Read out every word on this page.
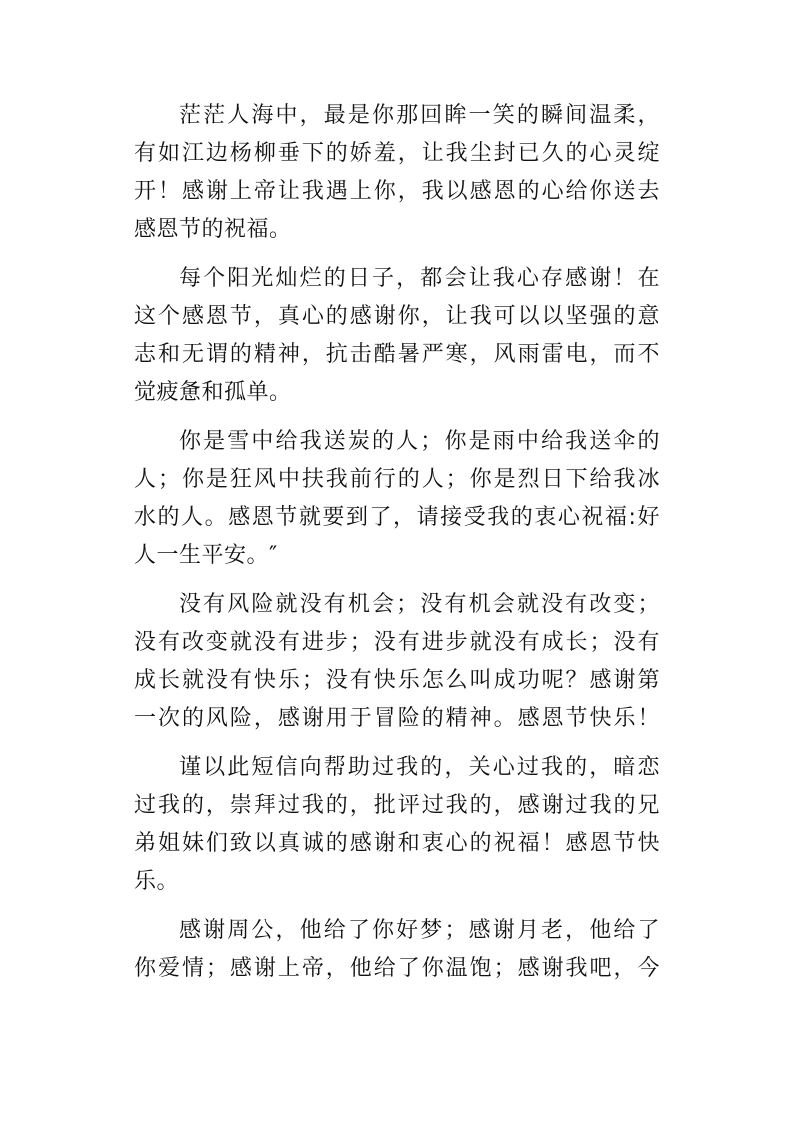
茫茫人海中，最是你那回眸一笑的瞬间温柔，
有如江边杨柳垂下的娇羞，让我尘封已久的心灵绽
开！感谢上帝让我遇上你，我以感恩的心给你送去
感恩节的祝福。
每个阳光灿烂的日子，都会让我心存感谢！在
这个感恩节，真心的感谢你，让我可以以坚强的意
志和无谓的精神，抗击酷暑严寒，风雨雷电，而不
觉疲惫和孤单。
你是雪中给我送炭的人；你是雨中给我送伞的
人；你是狂风中扶我前行的人；你是烈日下给我冰
水的人。感恩节就要到了，请接受我的衷心祝福:好
人一生平安。″
没有风险就没有机会；没有机会就没有改变；
没有改变就没有进步；没有进步就没有成长；没有
成长就没有快乐；没有快乐怎么叫成功呢？感谢第
一次的风险，感谢用于冒险的精神。感恩节快乐！
谨以此短信向帮助过我的，关心过我的，暗恋
过我的，崇拜过我的，批评过我的，感谢过我的兄
弟姐妹们致以真诚的感谢和衷心的祝福！感恩节快
乐。
感谢周公，他给了你好梦；感谢月老，他给了
你爱情；感谢上帝，他给了你温饱；感谢我吧，今
